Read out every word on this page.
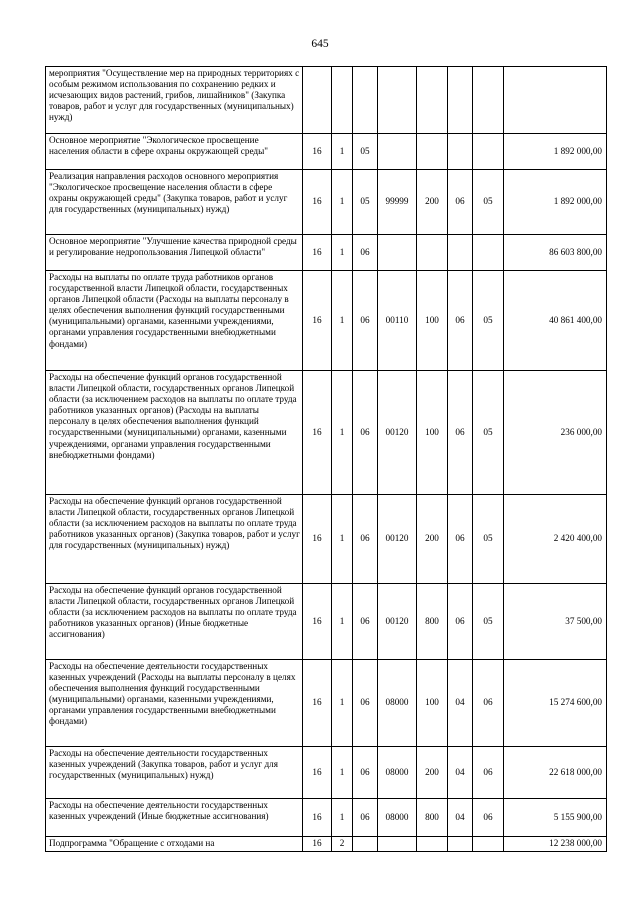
645
мероприятия "Осуществление мер на природных территориях с особым режимом использования по сохранению редких и исчезающих видов растений, грибов, лишайников" (Закупка товаров, работ и услуг для государственных (муниципальных) нужд)								
Основное мероприятие "Экологическое просвещение населения области в сфере охраны окружающей среды"	16	1	05					1 892 000,00
Реализация направления расходов основного мероприятия "Экологическое просвещение населения области в сфере охраны окружающей среды" (Закупка товаров, работ и услуг для государственных (муниципальных) нужд)	16	1	05	99999	200	06	05	1 892 000,00
Основное мероприятие "Улучшение качества природной среды и регулирование недропользования Липецкой области"	16	1	06					86 603 800,00
Расходы на выплаты по оплате труда работников органов государственной власти Липецкой области, государственных органов Липецкой области (Расходы на выплаты персоналу в целях обеспечения выполнения функций государственными (муниципальными) органами, казенными учреждениями, органами управления государственными внебюджетными фондами)	16	1	06	00110	100	06	05	40 861 400,00
Расходы на обеспечение функций органов государственной власти Липецкой области, государственных органов Липецкой области (за исключением расходов на выплаты по оплате труда работников указанных органов) (Расходы на выплаты персоналу в целях обеспечения выполнения функций государственными (муниципальными) органами, казенными учреждениями, органами управления государственными внебюджетными фондами)	16	1	06	00120	100	06	05	236 000,00
Расходы на обеспечение функций органов государственной власти Липецкой области, государственных органов Липецкой области (за исключением расходов на выплаты по оплате труда работников указанных органов) (Закупка товаров, работ и услуг для государственных (муниципальных) нужд)	16	1	06	00120	200	06	05	2 420 400,00
Расходы на обеспечение функций органов государственной власти Липецкой области, государственных органов Липецкой области (за исключением расходов на выплаты по оплате труда работников указанных органов) (Иные бюджетные ассигнования)	16	1	06	00120	800	06	05	37 500,00
Расходы на обеспечение деятельности государственных казенных учреждений (Расходы на выплаты персоналу в целях обеспечения выполнения функций государственными (муниципальными) органами, казенными учреждениями, органами управления государственными внебюджетными фондами)	16	1	06	08000	100	04	06	15 274 600,00
Расходы на обеспечение деятельности государственных казенных учреждений (Закупка товаров, работ и услуг для государственных (муниципальных) нужд)	16	1	06	08000	200	04	06	22 618 000,00
Расходы на обеспечение деятельности государственных казенных учреждений (Иные бюджетные ассигнования)	16	1	06	08000	800	04	06	5 155 900,00
Подпрограмма "Обращение с отходами на	16	2						12 238 000,00
